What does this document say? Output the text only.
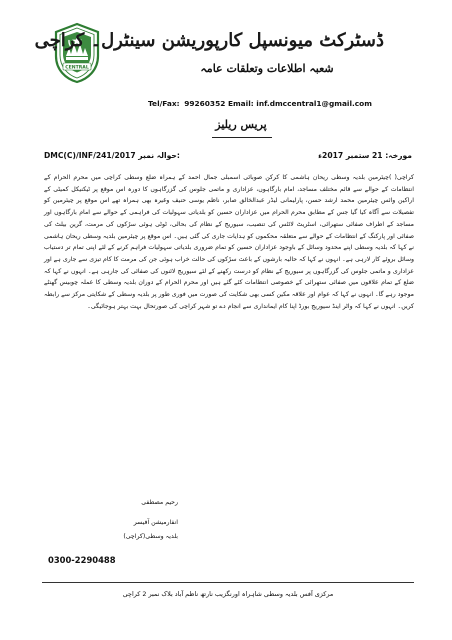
CENTRAL
ڈسٹرکٹ میونسپل کارپوریشن سینٹرل۔ کراچی
شعبہ اطلاعات وتعلقات عامہ
Tel/Fax: 99260352 Email: inf.dmccentral1@gmail.com
پریس ریلیز
DMC(C)/INF/241/2017 حوالہ نمبر:	مورخہ: 21 ستمبر 2017ء

کراچی( )چیئرمین بلدیہ وسطی ریحان ہاشمی کا کرکن صوبائی اسمبلی جمال احمد کے ہمراہ ضلع وسطی کراچی میں محرم الحرام کے انتظامات کے حوالے سے قائم مختلف مساجد، امام بارگاہوں، عزاداری و ماتمی جلوس کی گزرگاہوں کا دورہ اس موقع پر ٹیکنیکل کمیٹی کے اراکین وائس چیئرمین محمد ارشد حسن، پارلیمانی لیڈر عبدالخالق صابر، ناظم یوسی حنیف وغیرہ بھی ہمراہ تھے اس موقع پر چیئرمین کو تفصیلات سے آگاہ کیا گیا جس کے مطابق محرم الحرام میں عزاداران حسین کو بلدیاتی سہولیات کی فراہمی کے حوالے سے امام بارگاہوں اور مساجد کے اطراف صفائی ستھرائی، اسٹریٹ لائٹس کی تنصیب، سیوریج کے نظام کی بحالی، ٹوٹی ہوئی سڑکوں کی مرمت، گرین بیلٹ کی صفائی اور پارکنگ کے انتظامات کے حوالے سے متعلقہ محکموں کو ہدایات جاری کی گئی ہیں۔ اس موقع پر چیئرمین بلدیہ وسطی ریحان ہاشمی نے کہا کہ بلدیہ وسطی اپنے محدود وسائل کے باوجود عزاداران حسین کو تمام ضروری بلدیاتی سہولیات فراہم کرنے کے لئے اپنی تمام تر دستیاب وسائل بروئے کار لارہی ہے۔ انہوں نے کہا کہ حالیہ بارشوں کے باعث سڑکوں کی حالت خراب ہوئی جن کی مرمت کا کام تیزی سے جاری ہے اور عزاداری و ماتمی جلوس کی گزرگاہوں پر سیوریج کے نظام کو درست رکھنے کے لئے سیوریج لائنوں کی صفائی کی جارہی ہے۔ انہوں نے کہا کہ ضلع کے تمام علاقوں میں صفائی ستھرائی کے خصوصی انتظامات کئے گئے ہیں اور محرم الحرام کے دوران بلدیہ وسطی کا عملہ چوبیس گھنٹے موجود رہے گا۔ انہوں نے کہا کہ عوام اور علاقہ مکین کسی بھی شکایت کی صورت میں فوری طور پر بلدیہ وسطی کے شکایتی مرکز سے رابطہ کریں۔ انہوں نے کہا کہ واٹر اینڈ سیوریج بورڈ اپنا کام ایمانداری سے انجام دے تو شہر کراچی کی صورتحال بہت بہتر ہوجائیگی۔

رحیم مصطفی
انفارمیشن آفیسر
بلدیہ وسطی(کراچی)
0300-2290488
مرکزی آفس بلدیہ وسطی شاہراہ اورنگزیب نارتھ ناظم آباد بلاک نمبر 2 کراچی
